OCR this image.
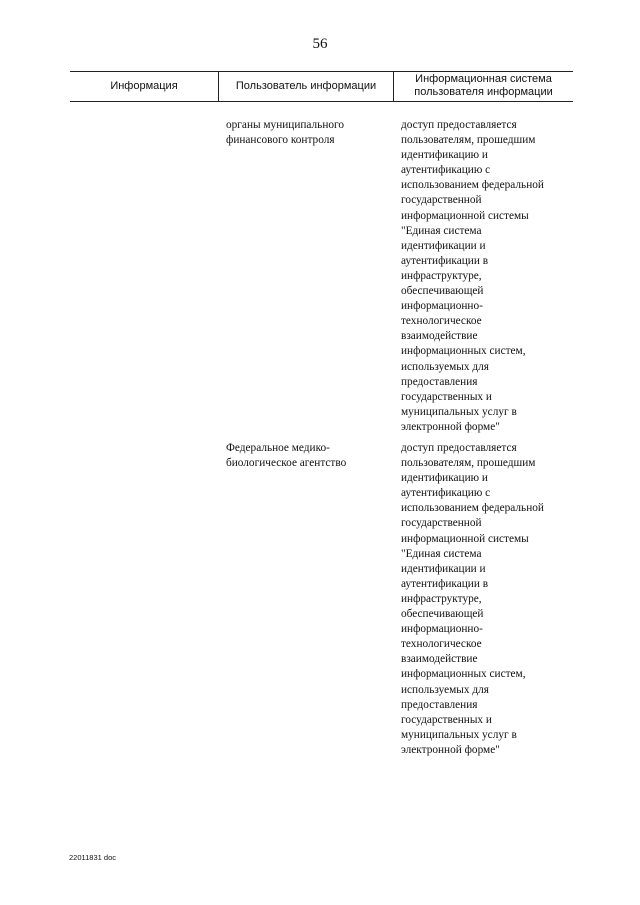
56
Информация	Пользователь информации
Информационная система
пользователя информации
органы муниципального
финансового контроля
доступ предоставляется
пользователям, прошедшим
идентификацию и
аутентификацию с
использованием федеральной
государственной
информационной системы
"Единая система
идентификации и
аутентификации в
инфраструктуре,
обеспечивающей
информационно-
технологическое
взаимодействие
информационных систем,
используемых для
предоставления
государственных и
муниципальных услуг в
электронной форме"
Федеральное медико-
биологическое агентство
доступ предоставляется
пользователям, прошедшим
идентификацию и
аутентификацию с
использованием федеральной
государственной
информационной системы
"Единая система
идентификации и
аутентификации в
инфраструктуре,
обеспечивающей
информационно-
технологическое
взаимодействие
информационных систем,
используемых для
предоставления
государственных и
муниципальных услуг в
электронной форме"
22011831 doc
